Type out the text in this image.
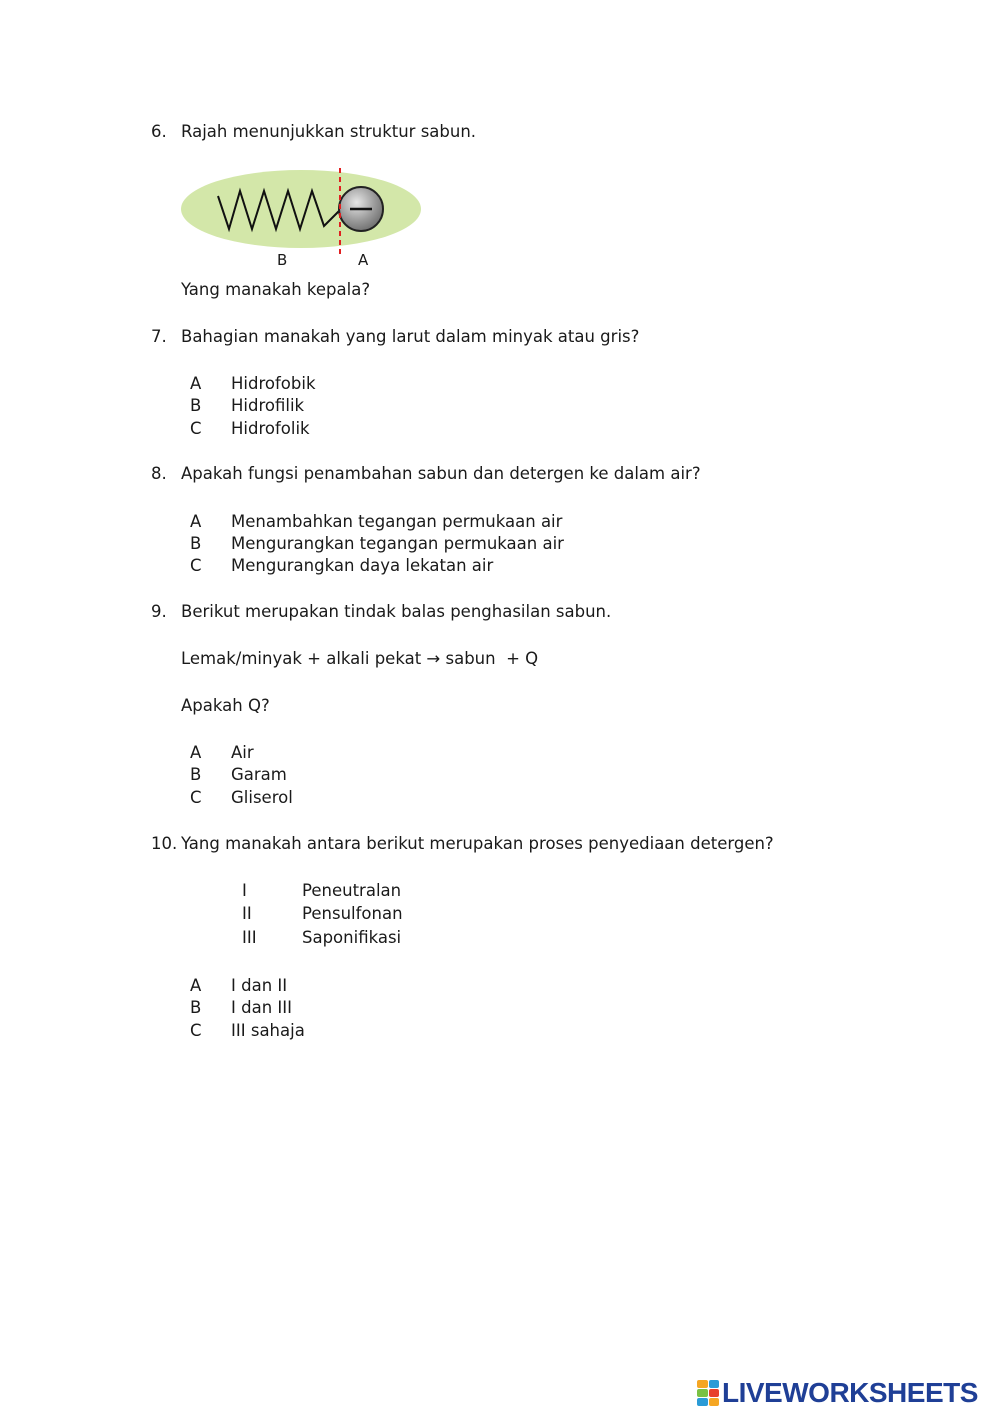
6. Rajah menunjukkan struktur sabun.
B	A
Yang manakah kepala?
7. Bahagian manakah yang larut dalam minyak atau gris?
A Hidrofobik
B Hidrofilik
C Hidrofolik
8. Apakah fungsi penambahan sabun dan detergen ke dalam air?
A Menambahkan tegangan permukaan air
B Mengurangkan tegangan permukaan air
C Mengurangkan daya lekatan air
9. Berikut merupakan tindak balas penghasilan sabun.
Lemak/minyak + alkali pekat → sabun  + Q
Apakah Q?
A Air
B Garam
C Gliserol
10. Yang manakah antara berikut merupakan proses penyediaan detergen?
I	Peneutralan
II	Pensulfonan
III	Saponifikasi
A I dan II
B I dan III
C III sahaja
LIVEWORKSHEETS
